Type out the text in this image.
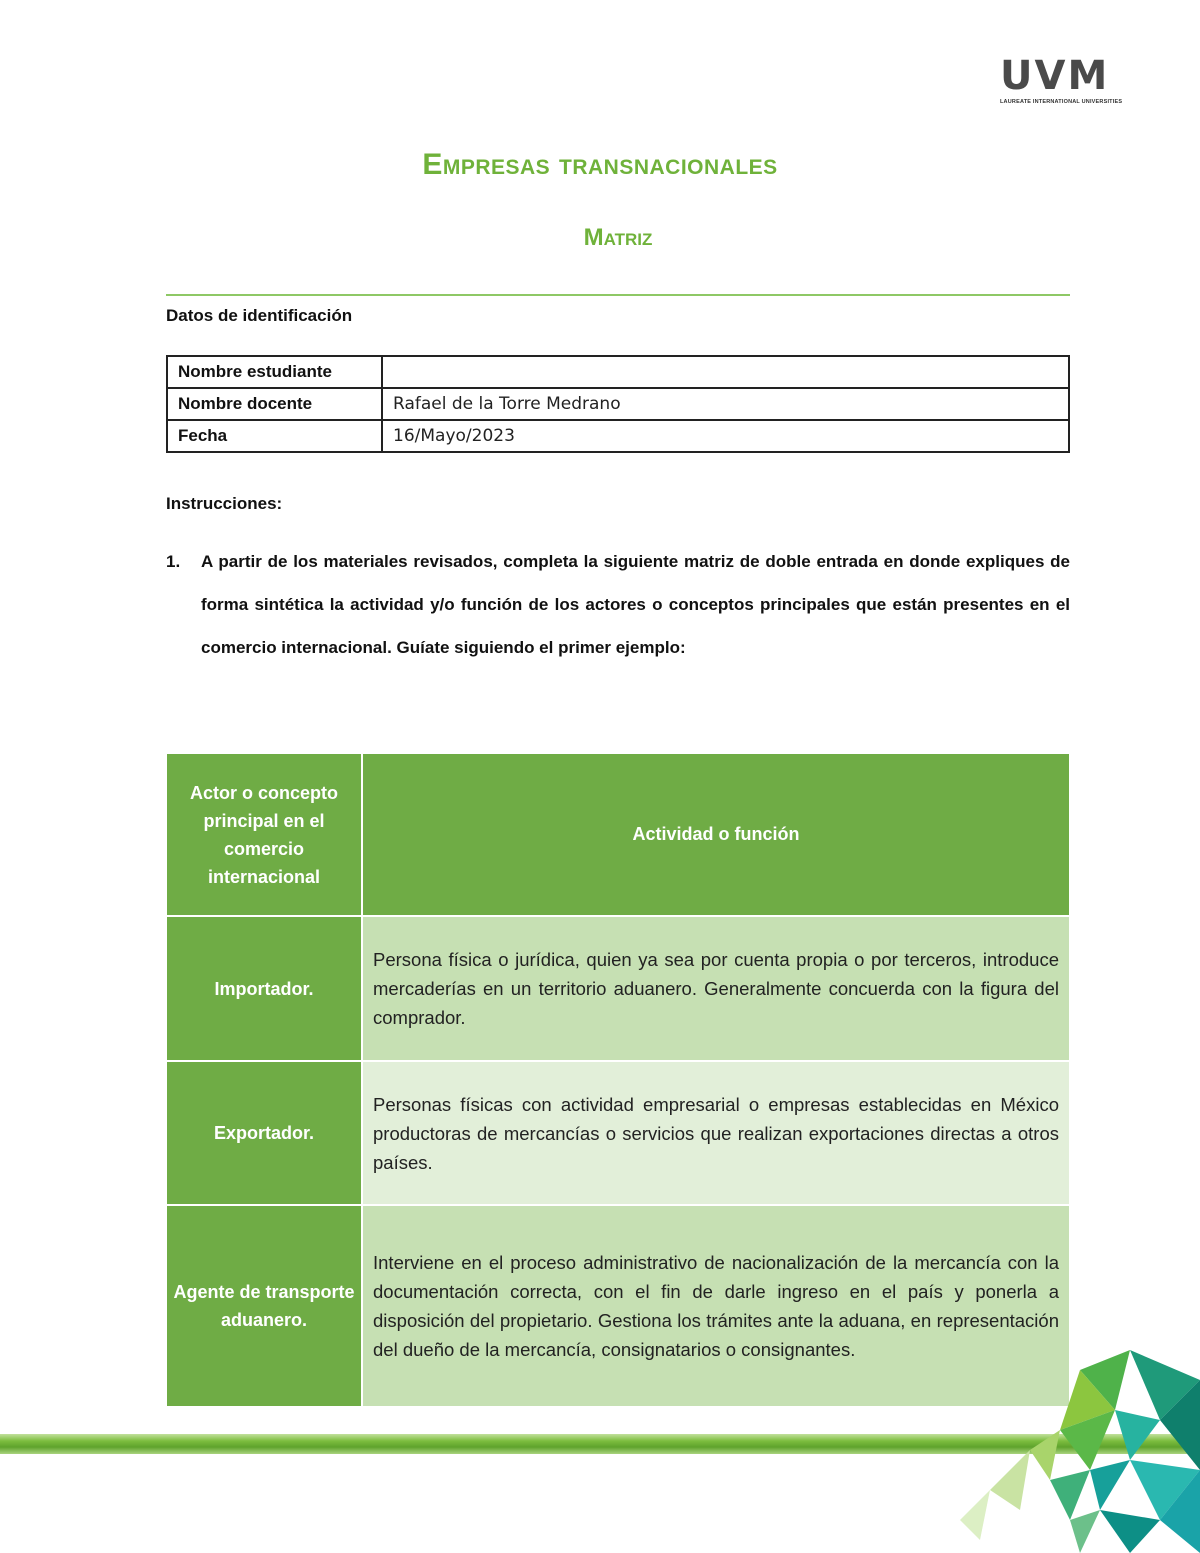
UVM
LAUREATE INTERNATIONAL UNIVERSITIES
Empresas transnacionales
Matriz
Datos de identificación
Nombre estudiante	
Nombre docente	Rafael de la Torre Medrano
Fecha	16/Mayo/2023
Instrucciones:
1. A partir de los materiales revisados, completa la siguiente matriz de doble entrada en donde expliques de forma sintética la actividad y/o función de los actores o conceptos principales que están presentes en el comercio internacional. Guíate siguiendo el primer ejemplo:
Actor o concepto principal en el comercio internacional	Actividad o función
Importador.	Persona física o jurídica, quien ya sea por cuenta propia o por terceros, introduce mercaderías en un territorio aduanero. Generalmente concuerda con la figura del comprador.
Exportador.	Personas físicas con actividad empresarial o empresas establecidas en México productoras de mercancías o servicios que realizan exportaciones directas a otros países.
Agente de transporte aduanero.	Interviene en el proceso administrativo de nacionalización de la mercancía con la documentación correcta, con el fin de darle ingreso en el país y ponerla a disposición del propietario. Gestiona los trámites ante la aduana, en representación del dueño de la mercancía, consignatarios o consignantes.
